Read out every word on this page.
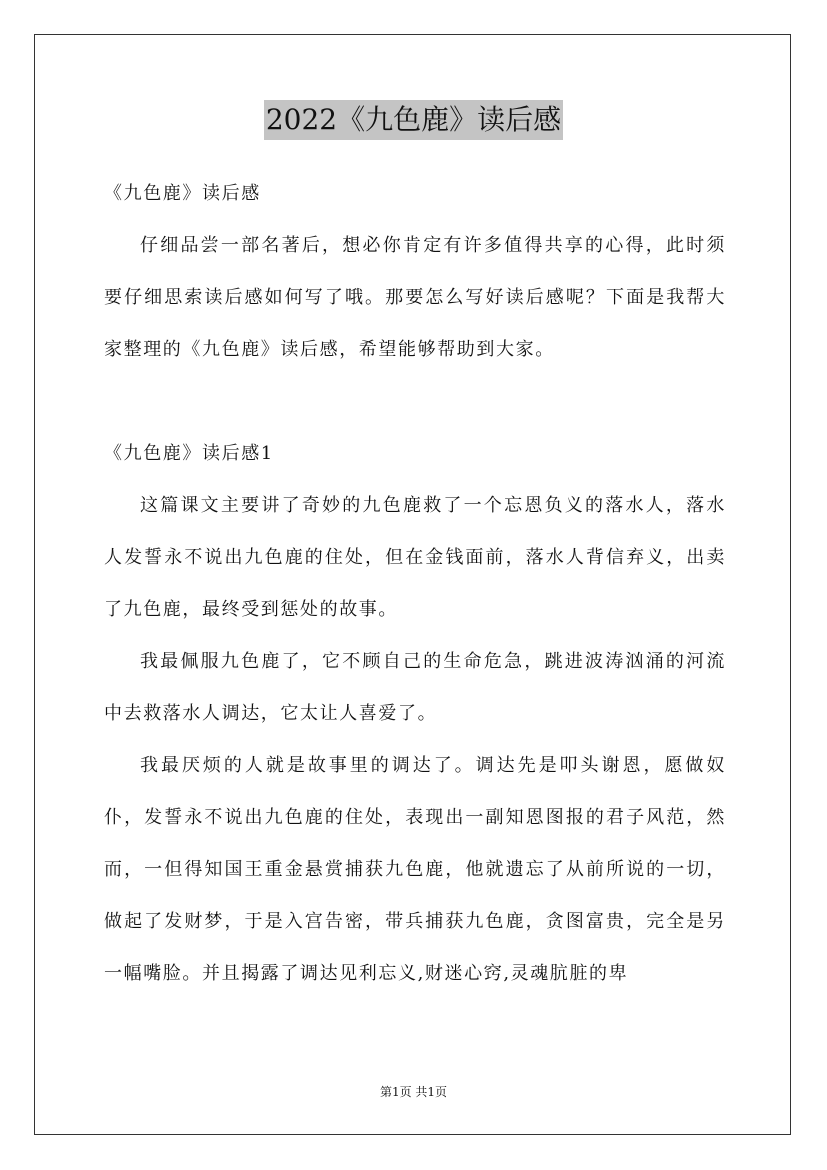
2022《九色鹿》读后感

《九色鹿》读后感

仔细品尝一部名著后，想必你肯定有许多值得共享的心得，此时须要仔细思索读后感如何写了哦。那要怎么写好读后感呢？下面是我帮大家整理的《九色鹿》读后感，希望能够帮助到大家。

《九色鹿》读后感1

这篇课文主要讲了奇妙的九色鹿救了一个忘恩负义的落水人，落水人发誓永不说出九色鹿的住处，但在金钱面前，落水人背信弃义，出卖了九色鹿，最终受到惩处的故事。

我最佩服九色鹿了，它不顾自己的生命危急，跳进波涛汹涌的河流中去救落水人调达，它太让人喜爱了。

我最厌烦的人就是故事里的调达了。调达先是叩头谢恩，愿做奴仆，发誓永不说出九色鹿的住处，表现出一副知恩图报的君子风范，然而，一但得知国王重金悬赏捕获九色鹿，他就遗忘了从前所说的一切，做起了发财梦，于是入宫告密，带兵捕获九色鹿，贪图富贵，完全是另一幅嘴脸。并且揭露了调达见利忘义,财迷心窍,灵魂肮脏的卑

第1页 共1页
